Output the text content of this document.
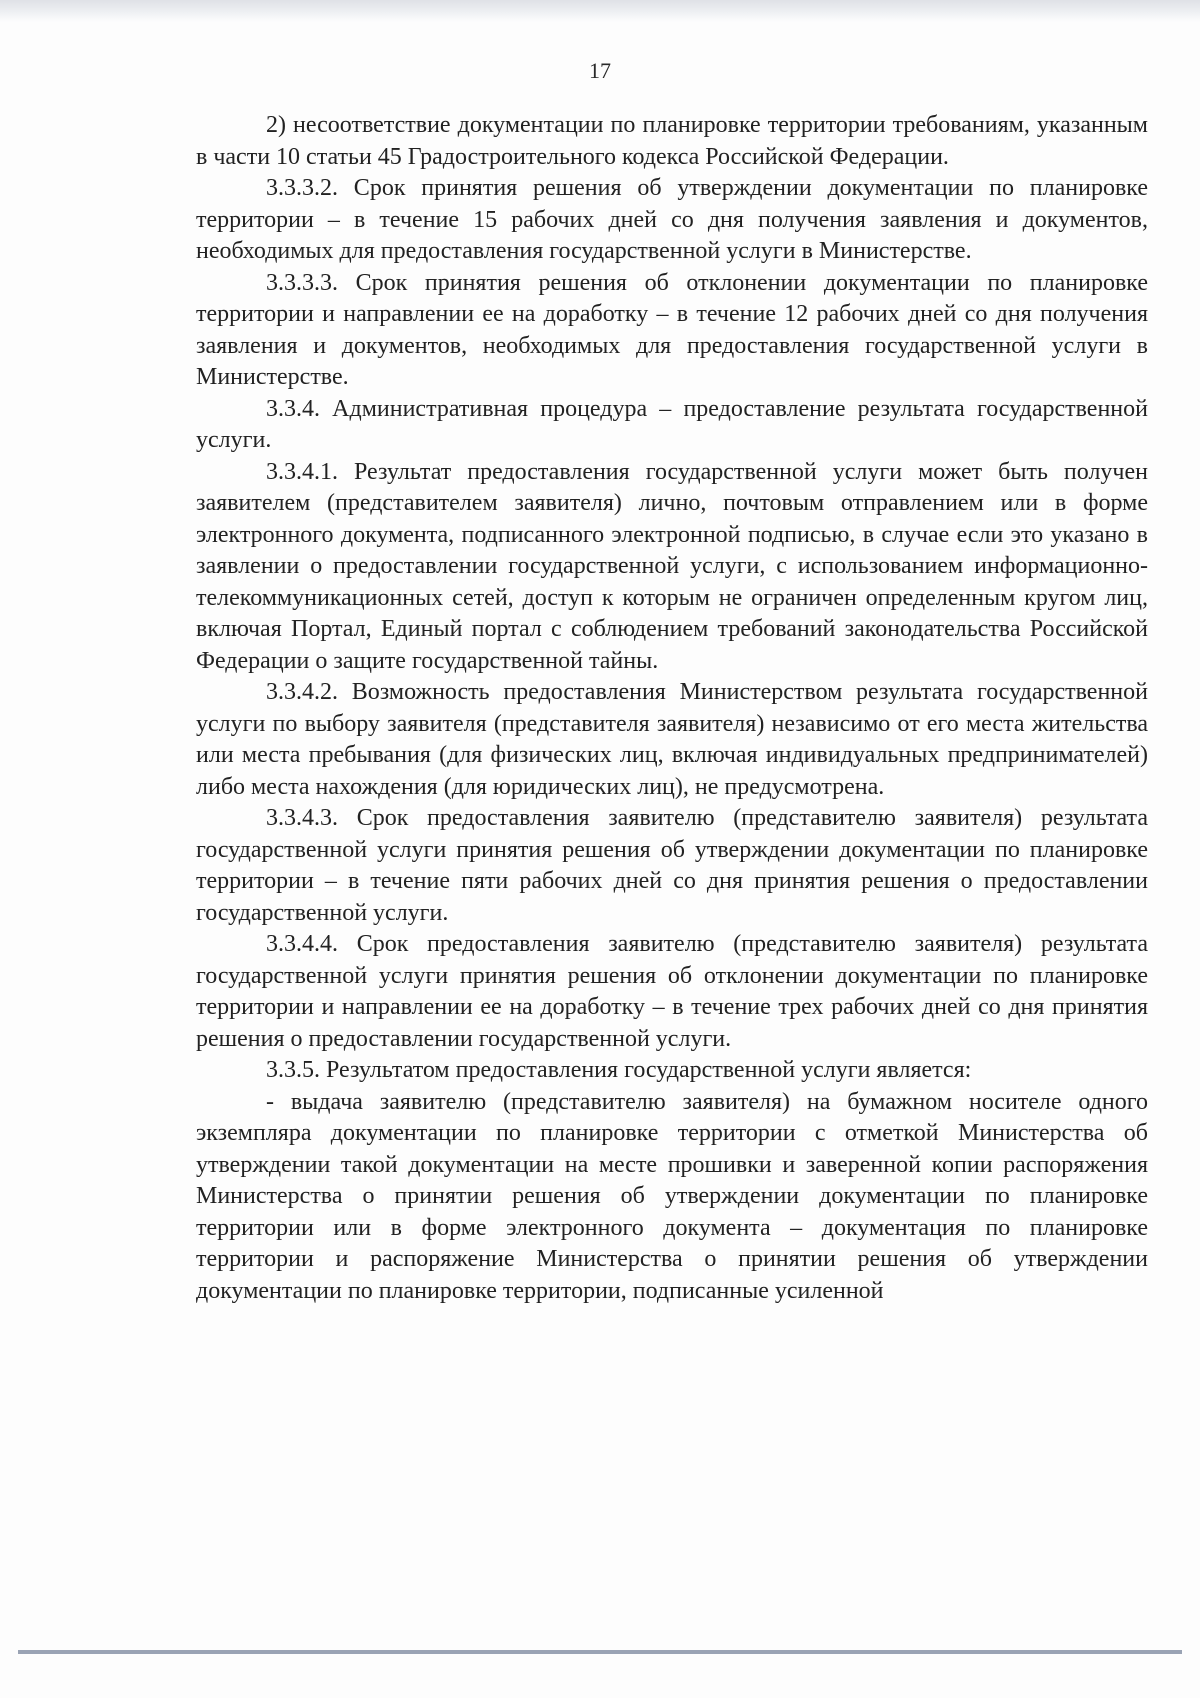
17

2) несоответствие документации по планировке территории требованиям, указанным в части 10 статьи 45 Градостроительного кодекса Российской Федерации.

3.3.3.2. Срок принятия решения об утверждении документации по планировке территории – в течение 15 рабочих дней со дня получения заявления и документов, необходимых для предоставления государственной услуги в Министерстве.

3.3.3.3. Срок принятия решения об отклонении документации по планировке территории и направлении ее на доработку – в течение 12 рабочих дней со дня получения заявления и документов, необходимых для предоставления государственной услуги в Министерстве.

3.3.4. Административная процедура – предоставление результата государственной услуги.

3.3.4.1. Результат предоставления государственной услуги может быть получен заявителем (представителем заявителя) лично, почтовым отправлением или в форме электронного документа, подписанного электронной подписью, в случае если это указано в заявлении о предоставлении государственной услуги, с использованием информационно-телекоммуникационных сетей, доступ к которым не ограничен определенным кругом лиц, включая Портал, Единый портал с соблюдением требований законодательства Российской Федерации о защите государственной тайны.

3.3.4.2. Возможность предоставления Министерством результата государственной услуги по выбору заявителя (представителя заявителя) независимо от его места жительства или места пребывания (для физических лиц, включая индивидуальных предпринимателей) либо места нахождения (для юридических лиц), не предусмотрена.

3.3.4.3. Срок предоставления заявителю (представителю заявителя) результата государственной услуги принятия решения об утверждении документации по планировке территории – в течение пяти рабочих дней со дня принятия решения о предоставлении государственной услуги.

3.3.4.4. Срок предоставления заявителю (представителю заявителя) результата государственной услуги принятия решения об отклонении документации по планировке территории и направлении ее на доработку – в течение трех рабочих дней со дня принятия решения о предоставлении государственной услуги.

3.3.5. Результатом предоставления государственной услуги является:

- выдача заявителю (представителю заявителя) на бумажном носителе одного экземпляра документации по планировке территории с отметкой Министерства об утверждении такой документации на месте прошивки и заверенной копии распоряжения Министерства о принятии решения об утверждении документации по планировке территории или в форме электронного документа – документация по планировке территории и распоряжение Министерства о принятии решения об утверждении документации по планировке территории, подписанные усиленной
